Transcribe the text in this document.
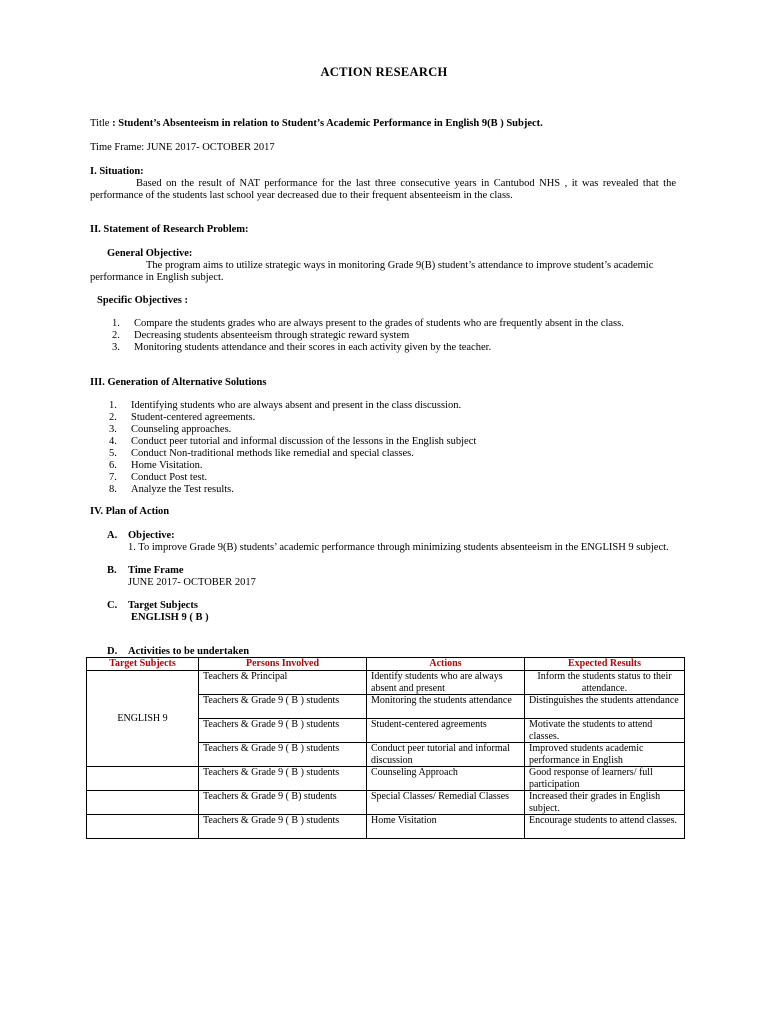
ACTION RESEARCH
Title : Student’s Absenteeism in relation to Student’s Academic Performance in English 9(B ) Subject.
Time Frame: JUNE 2017- OCTOBER 2017
I. Situation:
Based on the result of NAT performance for the last three consecutive years in Cantubod NHS , it was revealed that the performance of the students last school year decreased due to their frequent absenteeism in the class.
II. Statement of Research Problem:
General Objective:
The program aims to utilize strategic ways in monitoring Grade 9(B) student’s attendance to improve student’s academic performance in English subject.
Specific Objectives :
1. Compare the students grades who are always present to the grades of students who are frequently absent in the class.
2. Decreasing students absenteeism through strategic reward system
3. Monitoring students attendance and their scores in each activity given by the teacher.
III. Generation of Alternative Solutions
1. Identifying students who are always absent and present in the class discussion.
2. Student-centered agreements.
3. Counseling approaches.
4. Conduct peer tutorial and informal discussion of the lessons in the English subject
5. Conduct Non-traditional methods like remedial and special classes.
6. Home Visitation.
7. Conduct Post test.
8. Analyze the Test results.
IV. Plan of Action
A. Objective:
1. To improve Grade 9(B) students’ academic performance through minimizing students absenteeism in the ENGLISH 9 subject.
B. Time Frame
JUNE 2017- OCTOBER 2017
C. Target Subjects
ENGLISH 9 ( B )
D. Activities to be undertaken
Target Subjects	Persons Involved	Actions	Expected Results
ENGLISH 9	Teachers & Principal	Identify students who are always absent and present	Inform the students status to their attendance.
	Teachers & Grade 9 ( B ) students	Monitoring the students attendance	Distinguishes the students attendance
	Teachers & Grade 9 ( B ) students	Student-centered agreements	Motivate the students to attend classes.
	Teachers & Grade 9 ( B ) students	Conduct peer tutorial and informal discussion	Improved students academic performance in English
	Teachers & Grade 9 ( B ) students	Counseling Approach	Good response of learners/ full participation
	Teachers & Grade 9 ( B) students	Special Classes/ Remedial Classes	Increased their grades in English subject.
	Teachers & Grade 9 ( B ) students	Home Visitation	Encourage students to attend classes.
